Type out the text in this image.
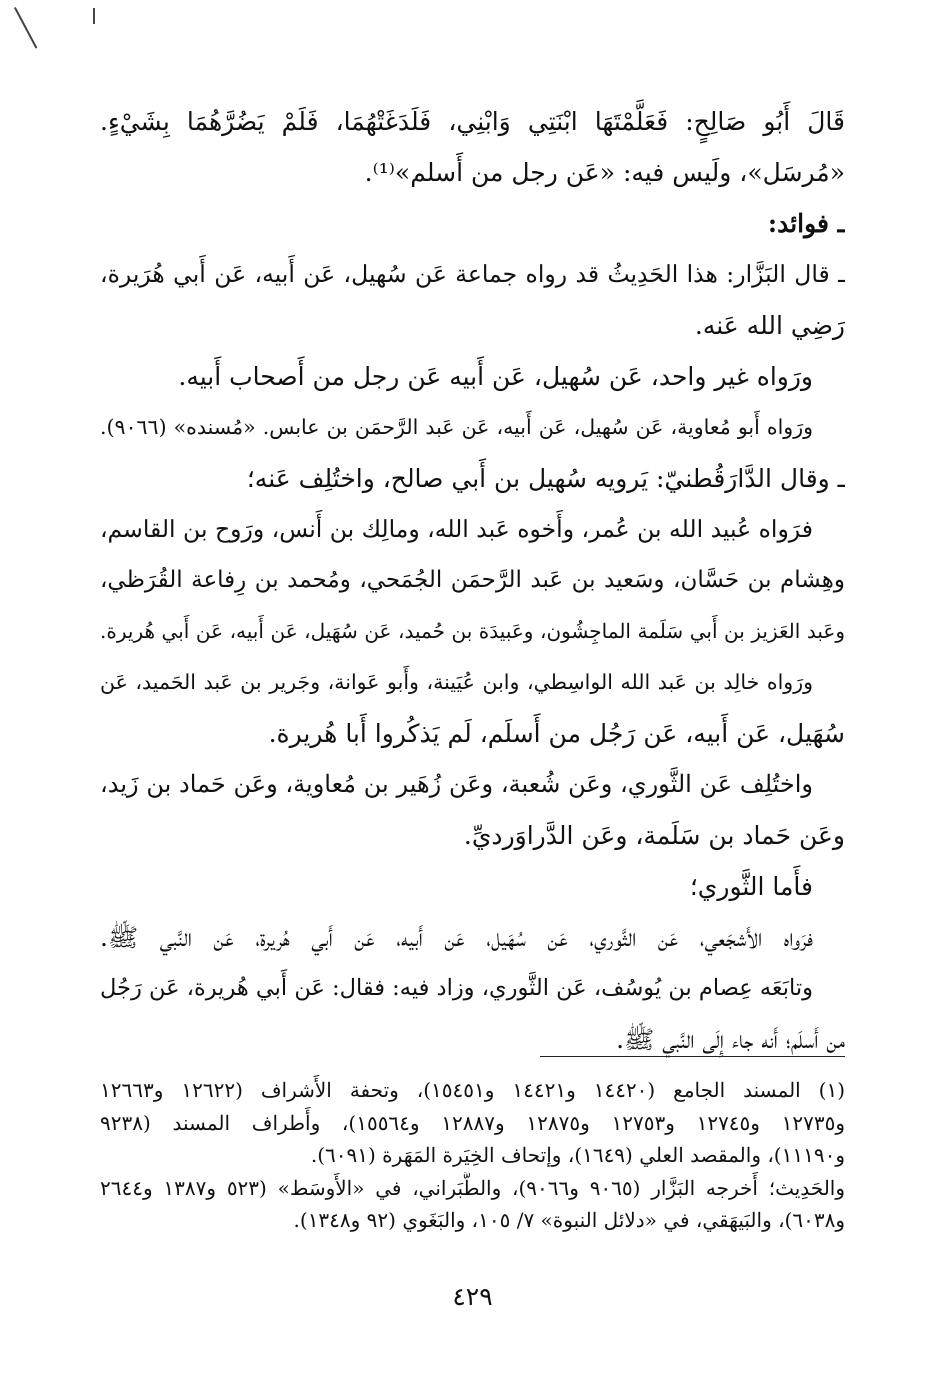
قَالَ أَبُو صَالِحٍ: فَعَلَّمْتَهَا ابْنَتِي وَابْنِي، فَلَدَغَتْهُمَا، فَلَمْ يَضُرَّهُمَا بِشَيْءٍ.
«مُرسَل»، ولَيس فيه: «عَن رجل من أَسلم»⁽¹⁾.
ـ فوائد:
ـ قال البَزَّار: هذا الحَدِيثُ قد رواه جماعة عَن سُهيل، عَن أَبيه، عَن أَبي هُرَيرة،
رَضِي الله عَنه.
ورَواه غير واحد، عَن سُهيل، عَن أَبيه عَن رجل من أَصحاب أَبيه.
ورَواه أَبو مُعاوية، عَن سُهيل، عَن أَبيه، عَن عَبد الرَّحمَن بن عابس. «مُسنده» (٩٠٦٦).
ـ وقال الدَّارَقُطنيّ: يَرويه سُهيل بن أَبي صالح، واختُلِف عَنه؛
فرَواه عُبيد الله بن عُمر، وأَخوه عَبد الله، ومالِك بن أَنس، ورَوح بن القاسم،
وهِشام بن حَسَّان، وسَعيد بن عَبد الرَّحمَن الجُمَحي، ومُحمد بن رِفاعة القُرَظي،
وعَبد العَزيز بن أَبي سَلَمة الماجِشُون، وعَبيدَة بن حُميد، عَن سُهَيل، عَن أَبيه، عَن أَبي هُريرة.
ورَواه خالِد بن عَبد الله الواسِطي، وابن عُيَينة، وأَبو عَوانة، وجَرير بن عَبد الحَميد، عَن
سُهَيل، عَن أَبيه، عَن رَجُل من أَسلَم، لَم يَذكُروا أَبا هُريرة.
واختُلِف عَن الثَّوري، وعَن شُعبة، وعَن زُهَير بن مُعاوية، وعَن حَماد بن زَيد،
وعَن حَماد بن سَلَمة، وعَن الدَّراوَرديِّ.
فأَما الثَّوري؛
فرَواه الأَشجَعي، عَن الثَّوري، عَن سُهَيل، عَن أَبيه، عَن أَبي هُريرة، عَن النَّبي ﷺ.
وتابَعَه عِصام بن يُوسُف، عَن الثَّوري، وزاد فيه: فقال: عَن أَبي هُريرة، عَن رَجُل
من أَسلَم؛ أَنه جاء إِلَى النَّبي ﷺ.
(١) المسند الجامع (١٤٤٢٠ و١٤٤٢١ و١٥٤٥١)، وتحفة الأَشراف (١٢٦٢٢ و١٢٦٦٣
و١٢٧٣٥ و١٢٧٤٥ و١٢٧٥٣ و١٢٨٧٥ و١٢٨٨٧ و١٥٥٦٤)، وأَطراف المسند (٩٢٣٨
و١١١٩٠)، والمقصد العلي (١٦٤٩)، وإتحاف الخِيَرة المَهَرة (٦٠٩١).
والحَدِيث؛ أَخرجه البَزَّار (٩٠٦٥ و٩٠٦٦)، والطَّبَراني، في «الأَوسَط» (٥٢٣ و١٣٨٧ و٢٦٤٤
و٦٠٣٨)، والبَيهَقي، في «دلائل النبوة» ٧/ ١٠٥، والبَغَوي (٩٢ و١٣٤٨).
٤٢٩
